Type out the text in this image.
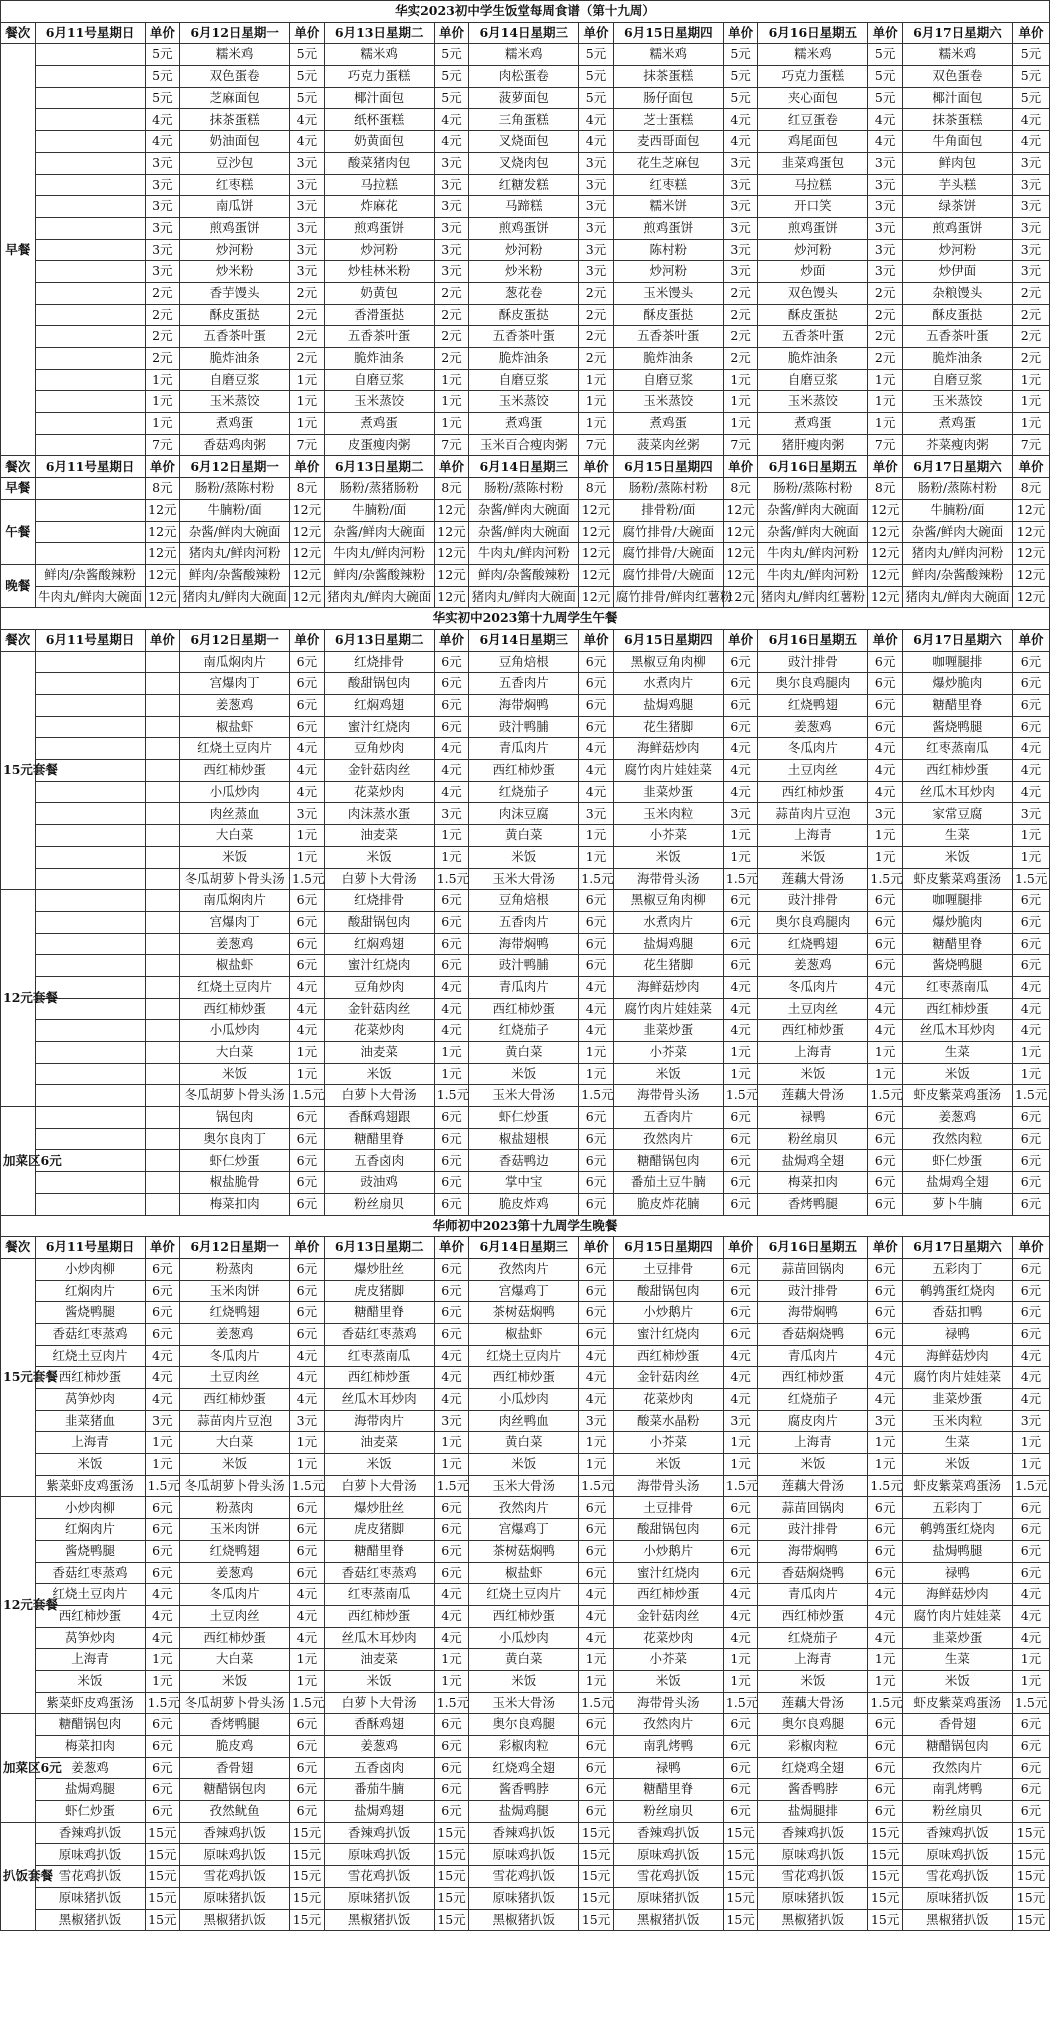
华实2023初中学生饭堂每周食谱（第十九周）														
餐次	6月11号星期日	单价	6月12日星期一	单价	6月13日星期二	单价	6月14日星期三	单价	6月15日星期四	单价	6月16日星期五	单价	6月17日星期六	单价
早餐		5元	糯米鸡	5元	糯米鸡	5元	糯米鸡	5元	糯米鸡	5元	糯米鸡	5元	糯米鸡	5元
		5元	双色蛋卷	5元	巧克力蛋糕	5元	肉松蛋卷	5元	抹茶蛋糕	5元	巧克力蛋糕	5元	双色蛋卷	5元
		5元	芝麻面包	5元	椰汁面包	5元	菠萝面包	5元	肠仔面包	5元	夹心面包	5元	椰汁面包	5元
		4元	抹茶蛋糕	4元	纸杯蛋糕	4元	三角蛋糕	4元	芝士蛋糕	4元	红豆蛋卷	4元	抹茶蛋糕	4元
		4元	奶油面包	4元	奶黄面包	4元	叉烧面包	4元	麦西哥面包	4元	鸡尾面包	4元	牛角面包	4元
		3元	豆沙包	3元	酸菜猪肉包	3元	叉烧肉包	3元	花生芝麻包	3元	韭菜鸡蛋包	3元	鲜肉包	3元
		3元	红枣糕	3元	马拉糕	3元	红糖发糕	3元	红枣糕	3元	马拉糕	3元	芋头糕	3元
		3元	南瓜饼	3元	炸麻花	3元	马蹄糕	3元	糯米饼	3元	开口笑	3元	绿茶饼	3元
		3元	煎鸡蛋饼	3元	煎鸡蛋饼	3元	煎鸡蛋饼	3元	煎鸡蛋饼	3元	煎鸡蛋饼	3元	煎鸡蛋饼	3元
		3元	炒河粉	3元	炒河粉	3元	炒河粉	3元	陈村粉	3元	炒河粉	3元	炒河粉	3元
		3元	炒米粉	3元	炒桂林米粉	3元	炒米粉	3元	炒河粉	3元	炒面	3元	炒伊面	3元
		2元	香芋馒头	2元	奶黄包	2元	葱花卷	2元	玉米馒头	2元	双色馒头	2元	杂粮馒头	2元
		2元	酥皮蛋挞	2元	香滑蛋挞	2元	酥皮蛋挞	2元	酥皮蛋挞	2元	酥皮蛋挞	2元	酥皮蛋挞	2元
		2元	五香茶叶蛋	2元	五香茶叶蛋	2元	五香茶叶蛋	2元	五香茶叶蛋	2元	五香茶叶蛋	2元	五香茶叶蛋	2元
		2元	脆炸油条	2元	脆炸油条	2元	脆炸油条	2元	脆炸油条	2元	脆炸油条	2元	脆炸油条	2元
		1元	自磨豆浆	1元	自磨豆浆	1元	自磨豆浆	1元	自磨豆浆	1元	自磨豆浆	1元	自磨豆浆	1元
		1元	玉米蒸饺	1元	玉米蒸饺	1元	玉米蒸饺	1元	玉米蒸饺	1元	玉米蒸饺	1元	玉米蒸饺	1元
		1元	煮鸡蛋	1元	煮鸡蛋	1元	煮鸡蛋	1元	煮鸡蛋	1元	煮鸡蛋	1元	煮鸡蛋	1元
		7元	香菇鸡肉粥	7元	皮蛋瘦肉粥	7元	玉米百合瘦肉粥	7元	菠菜肉丝粥	7元	猪肝瘦肉粥	7元	芥菜瘦肉粥	7元
餐次	6月11号星期日	单价	6月12日星期一	单价	6月13日星期二	单价	6月14日星期三	单价	6月15日星期四	单价	6月16日星期五	单价	6月17日星期六	单价
早餐		8元	肠粉/蒸陈村粉	8元	肠粉/蒸猪肠粉	8元	肠粉/蒸陈村粉	8元	肠粉/蒸陈村粉	8元	肠粉/蒸陈村粉	8元	肠粉/蒸陈村粉	8元
午餐		12元	牛腩粉/面	12元	牛腩粉/面	12元	杂酱/鲜肉大碗面	12元	排骨粉/面	12元	杂酱/鲜肉大碗面	12元	牛腩粉/面	12元
		12元	杂酱/鲜肉大碗面	12元	杂酱/鲜肉大碗面	12元	杂酱/鲜肉大碗面	12元	腐竹排骨/大碗面	12元	杂酱/鲜肉大碗面	12元	杂酱/鲜肉大碗面	12元
		12元	猪肉丸/鲜肉河粉	12元	牛肉丸/鲜肉河粉	12元	牛肉丸/鲜肉河粉	12元	腐竹排骨/大碗面	12元	牛肉丸/鲜肉河粉	12元	猪肉丸/鲜肉河粉	12元
晚餐	鲜肉/杂酱酸辣粉	12元	鲜肉/杂酱酸辣粉	12元	鲜肉/杂酱酸辣粉	12元	鲜肉/杂酱酸辣粉	12元	腐竹排骨/大碗面	12元	牛肉丸/鲜肉河粉	12元	鲜肉/杂酱酸辣粉	12元
	牛肉丸/鲜肉大碗面	12元	猪肉丸/鲜肉大碗面	12元	猪肉丸/鲜肉大碗面	12元	猪肉丸/鲜肉大碗面	12元	腐竹排骨/鲜肉红薯粉	12元	猪肉丸/鲜肉红薯粉	12元	猪肉丸/鲜肉大碗面	12元
华实初中2023第十九周学生午餐														
餐次	6月11号星期日	单价	6月12日星期一	单价	6月13日星期二	单价	6月14日星期三	单价	6月15日星期四	单价	6月16日星期五	单价	6月17日星期六	单价
15元套餐			南瓜焖肉片	6元	红烧排骨	6元	豆角焙根	6元	黑椒豆角肉柳	6元	豉汁排骨	6元	咖喱腿排	6元
			宫爆肉丁	6元	酸甜锅包肉	6元	五香肉片	6元	水煮肉片	6元	奥尔良鸡腿肉	6元	爆炒脆肉	6元
			姜葱鸡	6元	红焖鸡翅	6元	海带焖鸭	6元	盐焗鸡腿	6元	红烧鸭翅	6元	糖醋里脊	6元
			椒盐虾	6元	蜜汁红烧肉	6元	豉汁鸭脯	6元	花生猪脚	6元	姜葱鸡	6元	酱烧鸭腿	6元
			红烧土豆肉片	4元	豆角炒肉	4元	青瓜肉片	4元	海鲜菇炒肉	4元	冬瓜肉片	4元	红枣蒸南瓜	4元
			西红柿炒蛋	4元	金针菇肉丝	4元	西红柿炒蛋	4元	腐竹肉片娃娃菜	4元	土豆肉丝	4元	西红柿炒蛋	4元
			小瓜炒肉	4元	花菜炒肉	4元	红烧茄子	4元	韭菜炒蛋	4元	西红柿炒蛋	4元	丝瓜木耳炒肉	4元
			肉丝蒸血	3元	肉沫蒸水蛋	3元	肉沫豆腐	3元	玉米肉粒	3元	蒜苗肉片豆泡	3元	家常豆腐	3元
			大白菜	1元	油麦菜	1元	黄白菜	1元	小芥菜	1元	上海青	1元	生菜	1元
			米饭	1元	米饭	1元	米饭	1元	米饭	1元	米饭	1元	米饭	1元
			冬瓜胡萝卜骨头汤	1.5元	白萝卜大骨汤	1.5元	玉米大骨汤	1.5元	海带骨头汤	1.5元	莲藕大骨汤	1.5元	虾皮紫菜鸡蛋汤	1.5元
12元套餐			南瓜焖肉片	6元	红烧排骨	6元	豆角焙根	6元	黑椒豆角肉柳	6元	豉汁排骨	6元	咖喱腿排	6元
			宫爆肉丁	6元	酸甜锅包肉	6元	五香肉片	6元	水煮肉片	6元	奥尔良鸡腿肉	6元	爆炒脆肉	6元
			姜葱鸡	6元	红焖鸡翅	6元	海带焖鸭	6元	盐焗鸡腿	6元	红烧鸭翅	6元	糖醋里脊	6元
			椒盐虾	6元	蜜汁红烧肉	6元	豉汁鸭脯	6元	花生猪脚	6元	姜葱鸡	6元	酱烧鸭腿	6元
			红烧土豆肉片	4元	豆角炒肉	4元	青瓜肉片	4元	海鲜菇炒肉	4元	冬瓜肉片	4元	红枣蒸南瓜	4元
			西红柿炒蛋	4元	金针菇肉丝	4元	西红柿炒蛋	4元	腐竹肉片娃娃菜	4元	土豆肉丝	4元	西红柿炒蛋	4元
			小瓜炒肉	4元	花菜炒肉	4元	红烧茄子	4元	韭菜炒蛋	4元	西红柿炒蛋	4元	丝瓜木耳炒肉	4元
			大白菜	1元	油麦菜	1元	黄白菜	1元	小芥菜	1元	上海青	1元	生菜	1元
			米饭	1元	米饭	1元	米饭	1元	米饭	1元	米饭	1元	米饭	1元
			冬瓜胡萝卜骨头汤	1.5元	白萝卜大骨汤	1.5元	玉米大骨汤	1.5元	海带骨头汤	1.5元	莲藕大骨汤	1.5元	虾皮紫菜鸡蛋汤	1.5元
加菜区6元			锅包肉	6元	香酥鸡翅跟	6元	虾仁炒蛋	6元	五香肉片	6元	禄鸭	6元	姜葱鸡	6元
			奥尔良肉丁	6元	糖醋里脊	6元	椒盐翅根	6元	孜然肉片	6元	粉丝扇贝	6元	孜然肉粒	6元
			虾仁炒蛋	6元	五香卤肉	6元	香菇鸭边	6元	糖醋锅包肉	6元	盐焗鸡全翅	6元	虾仁炒蛋	6元
			椒盐脆骨	6元	豉油鸡	6元	掌中宝	6元	番茄土豆牛腩	6元	梅菜扣肉	6元	盐焗鸡全翅	6元
			梅菜扣肉	6元	粉丝扇贝	6元	脆皮炸鸡	6元	脆皮炸花腩	6元	香烤鸭腿	6元	萝卜牛腩	6元
华师初中2023第十九周学生晚餐														
餐次	6月11号星期日	单价	6月12日星期一	单价	6月13日星期二	单价	6月14日星期三	单价	6月15日星期四	单价	6月16日星期五	单价	6月17日星期六	单价
15元套餐	小炒肉柳	6元	粉蒸肉	6元	爆炒肚丝	6元	孜然肉片	6元	土豆排骨	6元	蒜苗回锅肉	6元	五彩肉丁	6元
	红焖肉片	6元	玉米肉饼	6元	虎皮猪脚	6元	宫爆鸡丁	6元	酸甜锅包肉	6元	豉汁排骨	6元	鹌鹑蛋红烧肉	6元
	酱烧鸭腿	6元	红烧鸭翅	6元	糖醋里脊	6元	茶树菇焖鸭	6元	小炒鹅片	6元	海带焖鸭	6元	香菇扣鸭	6元
	香菇红枣蒸鸡	6元	姜葱鸡	6元	香菇红枣蒸鸡	6元	椒盐虾	6元	蜜汁红烧肉	6元	香菇焖烧鸭	6元	禄鸭	6元
	红烧土豆肉片	4元	冬瓜肉片	4元	红枣蒸南瓜	4元	红烧土豆肉片	4元	西红柿炒蛋	4元	青瓜肉片	4元	海鲜菇炒肉	4元
	西红柿炒蛋	4元	土豆肉丝	4元	西红柿炒蛋	4元	西红柿炒蛋	4元	金针菇肉丝	4元	西红柿炒蛋	4元	腐竹肉片娃娃菜	4元
	莴笋炒肉	4元	西红柿炒蛋	4元	丝瓜木耳炒肉	4元	小瓜炒肉	4元	花菜炒肉	4元	红烧茄子	4元	韭菜炒蛋	4元
	韭菜猪血	3元	蒜苗肉片豆泡	3元	海带肉片	3元	肉丝鸭血	3元	酸菜水晶粉	3元	腐皮肉片	3元	玉米肉粒	3元
	上海青	1元	大白菜	1元	油麦菜	1元	黄白菜	1元	小芥菜	1元	上海青	1元	生菜	1元
	米饭	1元	米饭	1元	米饭	1元	米饭	1元	米饭	1元	米饭	1元	米饭	1元
	紫菜虾皮鸡蛋汤	1.5元	冬瓜胡萝卜骨头汤	1.5元	白萝卜大骨汤	1.5元	玉米大骨汤	1.5元	海带骨头汤	1.5元	莲藕大骨汤	1.5元	虾皮紫菜鸡蛋汤	1.5元
12元套餐	小炒肉柳	6元	粉蒸肉	6元	爆炒肚丝	6元	孜然肉片	6元	土豆排骨	6元	蒜苗回锅肉	6元	五彩肉丁	6元
	红焖肉片	6元	玉米肉饼	6元	虎皮猪脚	6元	宫爆鸡丁	6元	酸甜锅包肉	6元	豉汁排骨	6元	鹌鹑蛋红烧肉	6元
	酱烧鸭腿	6元	红烧鸭翅	6元	糖醋里脊	6元	茶树菇焖鸭	6元	小炒鹅片	6元	海带焖鸭	6元	盐焗鸭腿	6元
	香菇红枣蒸鸡	6元	姜葱鸡	6元	香菇红枣蒸鸡	6元	椒盐虾	6元	蜜汁红烧肉	6元	香菇焖烧鸭	6元	禄鸭	6元
	红烧土豆肉片	4元	冬瓜肉片	4元	红枣蒸南瓜	4元	红烧土豆肉片	4元	西红柿炒蛋	4元	青瓜肉片	4元	海鲜菇炒肉	4元
	西红柿炒蛋	4元	土豆肉丝	4元	西红柿炒蛋	4元	西红柿炒蛋	4元	金针菇肉丝	4元	西红柿炒蛋	4元	腐竹肉片娃娃菜	4元
	莴笋炒肉	4元	西红柿炒蛋	4元	丝瓜木耳炒肉	4元	小瓜炒肉	4元	花菜炒肉	4元	红烧茄子	4元	韭菜炒蛋	4元
	上海青	1元	大白菜	1元	油麦菜	1元	黄白菜	1元	小芥菜	1元	上海青	1元	生菜	1元
	米饭	1元	米饭	1元	米饭	1元	米饭	1元	米饭	1元	米饭	1元	米饭	1元
	紫菜虾皮鸡蛋汤	1.5元	冬瓜胡萝卜骨头汤	1.5元	白萝卜大骨汤	1.5元	玉米大骨汤	1.5元	海带骨头汤	1.5元	莲藕大骨汤	1.5元	虾皮紫菜鸡蛋汤	1.5元
加菜区6元	糖醋锅包肉	6元	香烤鸭腿	6元	香酥鸡翅	6元	奥尔良鸡腿	6元	孜然肉片	6元	奥尔良鸡腿	6元	香骨翅	6元
	梅菜扣肉	6元	脆皮鸡	6元	姜葱鸡	6元	彩椒肉粒	6元	南乳烤鸭	6元	彩椒肉粒	6元	糖醋锅包肉	6元
	姜葱鸡	6元	香骨翅	6元	五香卤肉	6元	红烧鸡全翅	6元	禄鸭	6元	红烧鸡全翅	6元	孜然肉片	6元
	盐焗鸡腿	6元	糖醋锅包肉	6元	番茄牛腩	6元	酱香鸭脖	6元	糖醋里脊	6元	酱香鸭脖	6元	南乳烤鸭	6元
	虾仁炒蛋	6元	孜然鱿鱼	6元	盐焗鸡翅	6元	盐焗鸡腿	6元	粉丝扇贝	6元	盐焗腿排	6元	粉丝扇贝	6元
扒饭套餐	香辣鸡扒饭	15元	香辣鸡扒饭	15元	香辣鸡扒饭	15元	香辣鸡扒饭	15元	香辣鸡扒饭	15元	香辣鸡扒饭	15元	香辣鸡扒饭	15元
	原味鸡扒饭	15元	原味鸡扒饭	15元	原味鸡扒饭	15元	原味鸡扒饭	15元	原味鸡扒饭	15元	原味鸡扒饭	15元	原味鸡扒饭	15元
	雪花鸡扒饭	15元	雪花鸡扒饭	15元	雪花鸡扒饭	15元	雪花鸡扒饭	15元	雪花鸡扒饭	15元	雪花鸡扒饭	15元	雪花鸡扒饭	15元
	原味猪扒饭	15元	原味猪扒饭	15元	原味猪扒饭	15元	原味猪扒饭	15元	原味猪扒饭	15元	原味猪扒饭	15元	原味猪扒饭	15元
	黑椒猪扒饭	15元	黑椒猪扒饭	15元	黑椒猪扒饭	15元	黑椒猪扒饭	15元	黑椒猪扒饭	15元	黑椒猪扒饭	15元	黑椒猪扒饭	15元
